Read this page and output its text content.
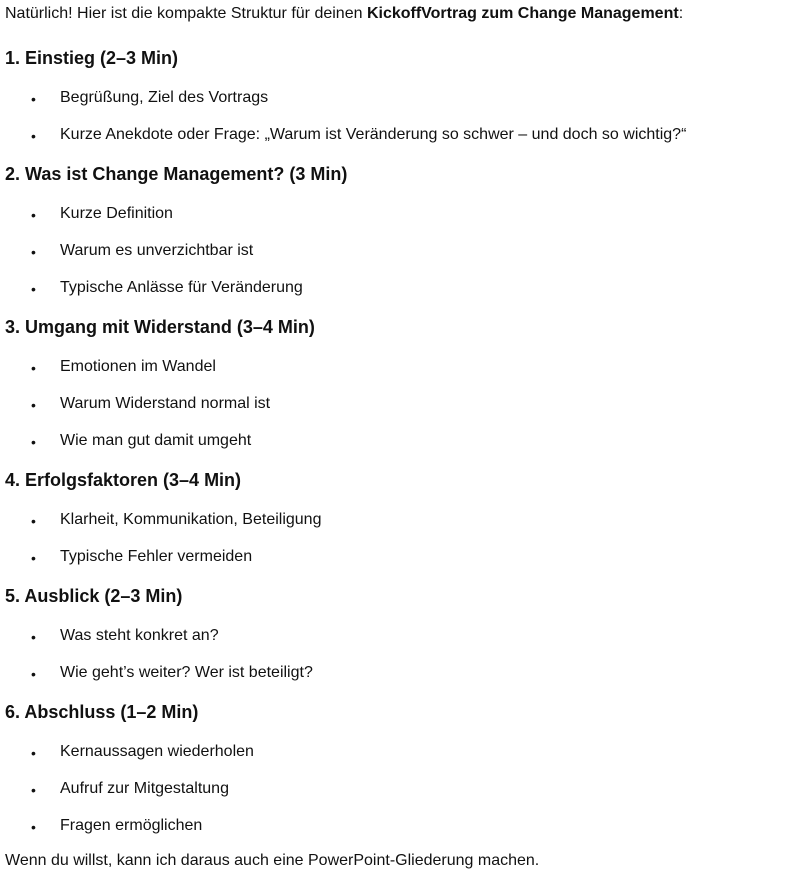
Natürlich! Hier ist die kompakte Struktur für deinen KickoffVortrag zum Change Management:
1. Einstieg (2–3 Min)
• Begrüßung, Ziel des Vortrags
• Kurze Anekdote oder Frage: „Warum ist Veränderung so schwer – und doch so wichtig?“
2. Was ist Change Management? (3 Min)
• Kurze Definition
• Warum es unverzichtbar ist
• Typische Anlässe für Veränderung
3. Umgang mit Widerstand (3–4 Min)
• Emotionen im Wandel
• Warum Widerstand normal ist
• Wie man gut damit umgeht
4. Erfolgsfaktoren (3–4 Min)
• Klarheit, Kommunikation, Beteiligung
• Typische Fehler vermeiden
5. Ausblick (2–3 Min)
• Was steht konkret an?
• Wie geht’s weiter? Wer ist beteiligt?
6. Abschluss (1–2 Min)
• Kernaussagen wiederholen
• Aufruf zur Mitgestaltung
• Fragen ermöglichen
Wenn du willst, kann ich daraus auch eine PowerPoint-Gliederung machen.
